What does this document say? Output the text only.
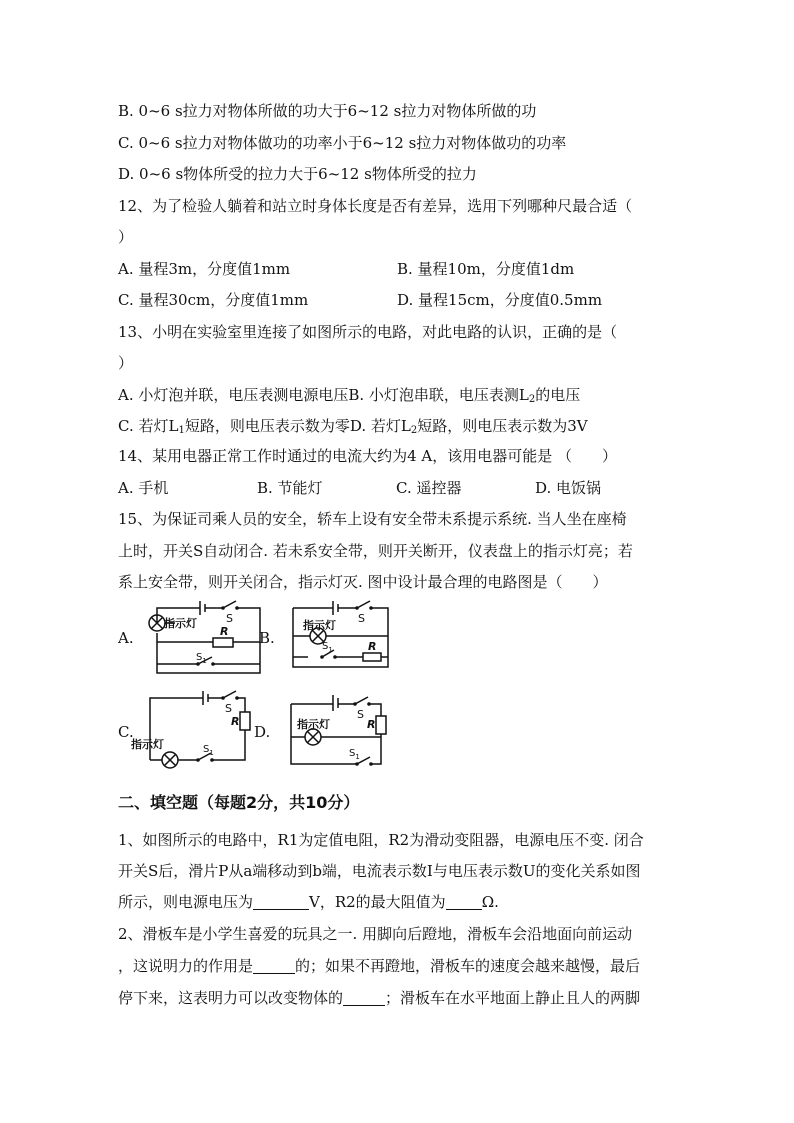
B. 0~6 s拉力对物体所做的功大于6~12 s拉力对物体所做的功
C. 0~6 s拉力对物体做功的功率小于6~12 s拉力对物体做功的功率
D. 0~6 s物体所受的拉力大于6~12 s物体所受的拉力
12、为了检验人躺着和站立时身体长度是否有差异，选用下列哪种尺最合适（
）
A. 量程3m，分度值1mm	B. 量程10m，分度值1dm
C. 量程30cm，分度值1mm	D. 量程15cm，分度值0.5mm
13、小明在实验室里连接了如图所示的电路，对此电路的认识，正确的是（
）
A. 小灯泡并联，电压表测电源电压B. 小灯泡串联，电压表测$L_2$的电压
C. 若灯$L_1$短路，则电压表示数为零D. 若灯$L_2$短路，则电压表示数为3V
14、某用电器正常工作时通过的电流大约为4 A，该用电器可能是 （　　）
A. 手机	B. 节能灯	C. 遥控器	D. 电饭锅
15、为保证司乘人员的安全，轿车上设有安全带未系提示系统. 当人坐在座椅
上时，开关S自动闭合. 若未系安全带，则开关断开，仪表盘上的指示灯亮；若
系上安全带，则开关闭合，指示灯灭. 图中设计最合理的电路图是（　　）
A.	B.
C.	D.
指示灯	S
R
$S_1$
指示灯
S
R
$S_1$
S
R
指示灯	$S_1$
指示灯
S
R
$S_1$
二、填空题（每题2分，共10分）
1、如图所示的电路中，R1为定值电阻，R2为滑动变阻器，电源电压不变. 闭合
开关S后，滑片P从a端移动到b端，电流表示数I与电压表示数U的变化关系如图
所示，则电源电压为	V，R2的最大阻值为 Ω.
2、滑板车是小学生喜爱的玩具之一. 用脚向后蹬地，滑板车会沿地面向前运动
，这说明力的作用是	的；如果不再蹬地，滑板车的速度会越来越慢，最后
停下来，这表明力可以改变物体的	；滑板车在水平地面上静止且人的两脚
